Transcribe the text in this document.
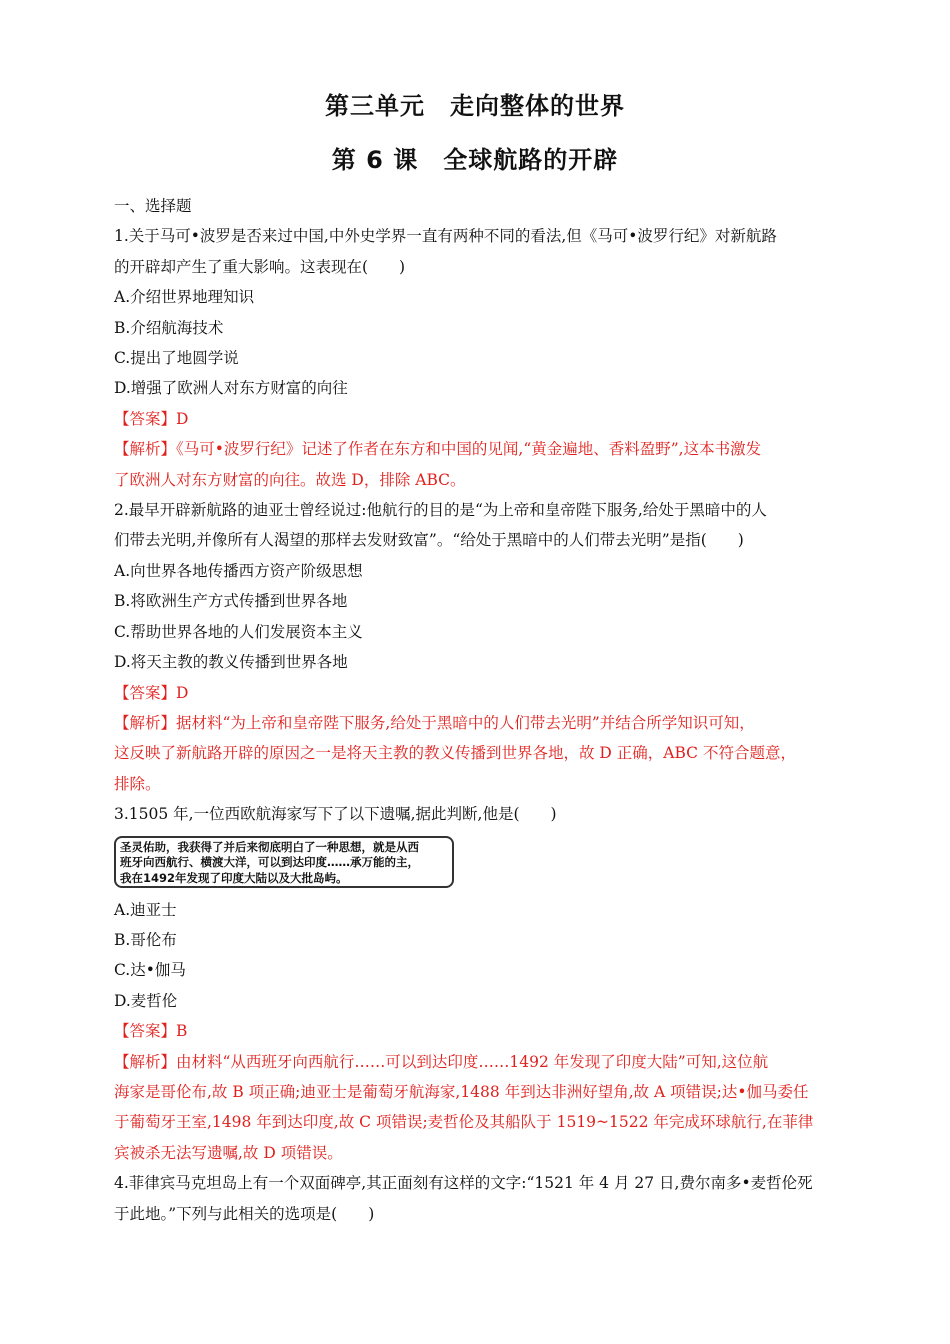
第三单元　走向整体的世界
第 6 课　全球航路的开辟
一、选择题
1.关于马可•波罗是否来过中国,中外史学界一直有两种不同的看法,但《马可•波罗行纪》对新航路
的开辟却产生了重大影响。这表现在(　　)
A.介绍世界地理知识
B.介绍航海技术
C.提出了地圆学说
D.增强了欧洲人对东方财富的向往
【答案】D
【解析】《马可•波罗行纪》记述了作者在东方和中国的见闻,“黄金遍地、香料盈野”,这本书激发
了欧洲人对东方财富的向往。故选 D，排除 ABC。
2.最早开辟新航路的迪亚士曾经说过:他航行的目的是“为上帝和皇帝陛下服务,给处于黑暗中的人
们带去光明,并像所有人渴望的那样去发财致富”。“给处于黑暗中的人们带去光明”是指(　　)
A.向世界各地传播西方资产阶级思想
B.将欧洲生产方式传播到世界各地
C.帮助世界各地的人们发展资本主义
D.将天主教的教义传播到世界各地
【答案】D
【解析】据材料“为上帝和皇帝陛下服务,给处于黑暗中的人们带去光明”并结合所学知识可知，
这反映了新航路开辟的原因之一是将天主教的教义传播到世界各地，故 D 正确，ABC 不符合题意，
排除。
3.1505 年,一位西欧航海家写下了以下遗嘱,据此判断,他是(　　)
圣灵佑助，我获得了并后来彻底明白了一种思想，就是从西
班牙向西航行、横渡大洋，可以到达印度……承万能的主，
我在1492年发现了印度大陆以及大批岛屿。
A.迪亚士
B.哥伦布
C.达•伽马
D.麦哲伦
【答案】B
【解析】由材料“从西班牙向西航行……可以到达印度……1492 年发现了印度大陆”可知,这位航
海家是哥伦布,故 B 项正确;迪亚士是葡萄牙航海家,1488 年到达非洲好望角,故 A 项错误;达•伽马委任
于葡萄牙王室,1498 年到达印度,故 C 项错误;麦哲伦及其船队于 1519~1522 年完成环球航行,在菲律
宾被杀无法写遗嘱,故 D 项错误。
4.菲律宾马克坦岛上有一个双面碑亭,其正面刻有这样的文字:“1521 年 4 月 27 日,费尔南多•麦哲伦死
于此地。”下列与此相关的选项是(　　)
